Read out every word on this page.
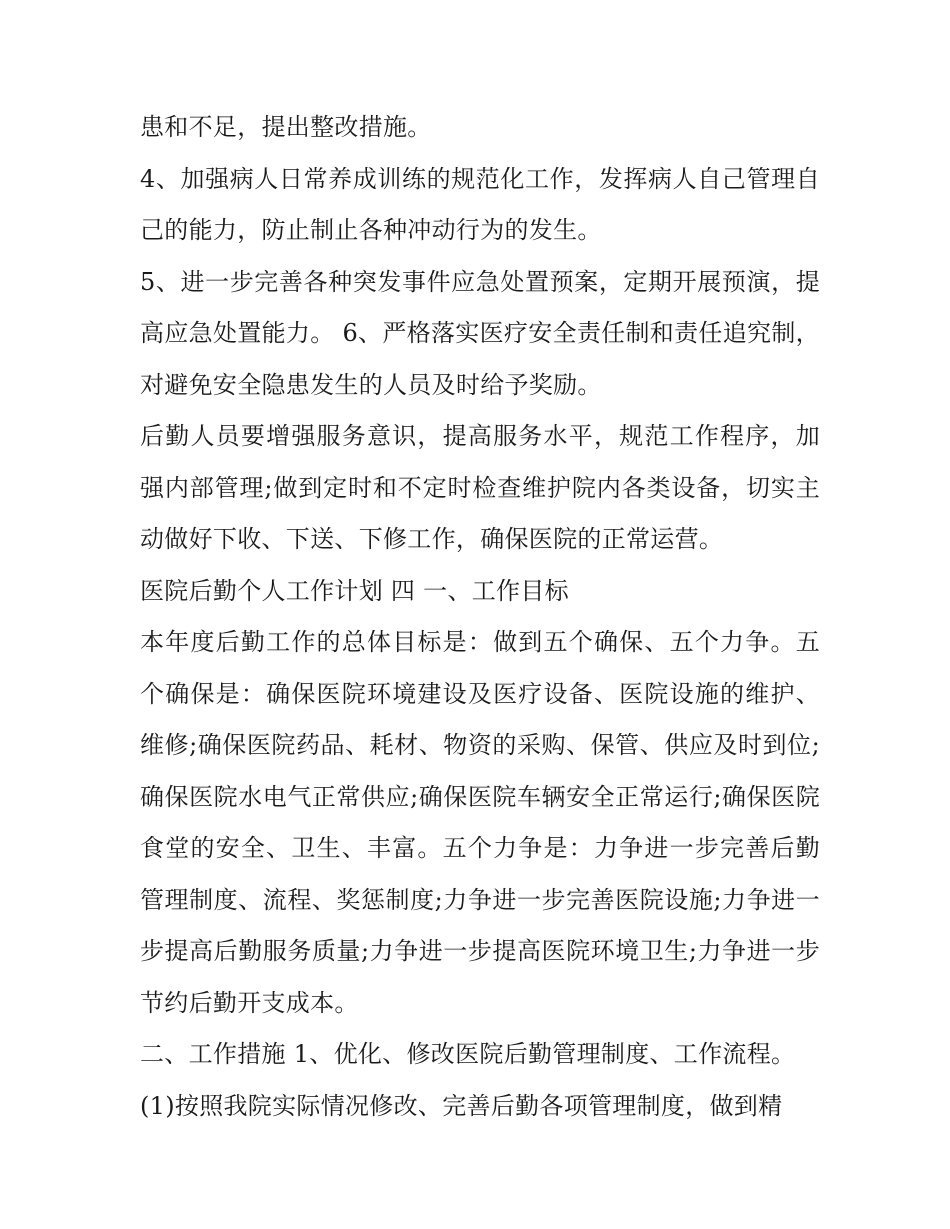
患和不足，提出整改措施。

4、加强病人日常养成训练的规范化工作，发挥病人自己管理自己的能力，防止制止各种冲动行为的发生。

5、进一步完善各种突发事件应急处置预案，定期开展预演，提高应急处置能力。 6、严格落实医疗安全责任制和责任追究制，对避免安全隐患发生的人员及时给予奖励。

后勤人员要增强服务意识，提高服务水平，规范工作程序，加强内部管理;做到定时和不定时检查维护院内各类设备，切实主动做好下收、下送、下修工作，确保医院的正常运营。

医院后勤个人工作计划 四 一、工作目标

本年度后勤工作的总体目标是：做到五个确保、五个力争。五个确保是：确保医院环境建设及医疗设备、医院设施的维护、维修;确保医院药品、耗材、物资的采购、保管、供应及时到位;确保医院水电气正常供应;确保医院车辆安全正常运行;确保医院食堂的安全、卫生、丰富。五个力争是：力争进一步完善后勤管理制度、流程、奖惩制度;力争进一步完善医院设施;力争进一步提高后勤服务质量;力争进一步提高医院环境卫生;力争进一步节约后勤开支成本。

二、工作措施 1、优化、修改医院后勤管理制度、工作流程。

(1)按照我院实际情况修改、完善后勤各项管理制度，做到精
